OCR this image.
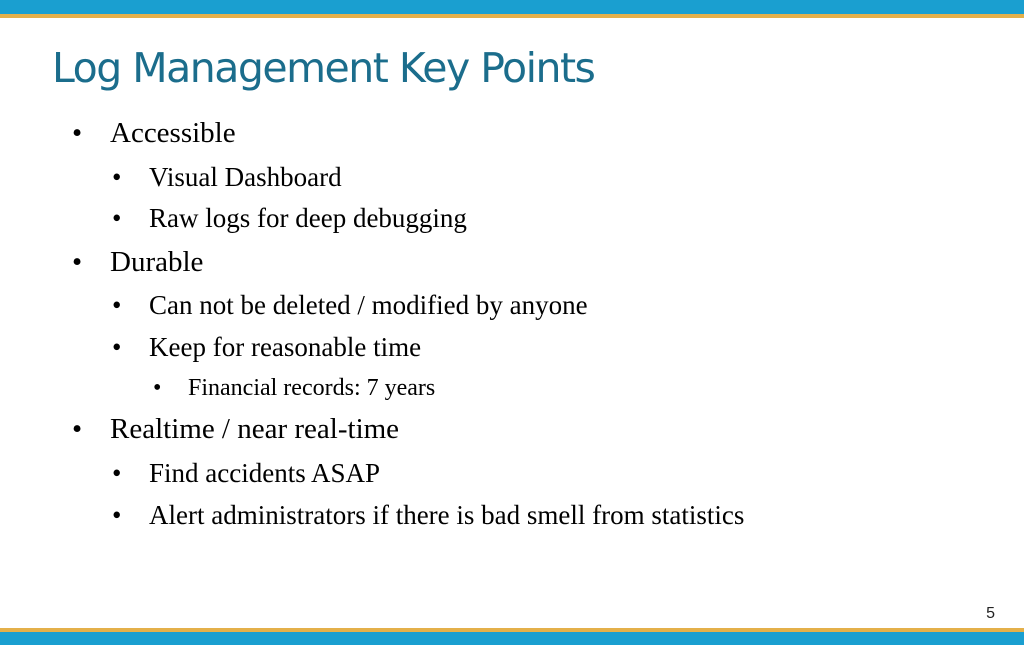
Log Management Key Points
• Accessible
• Visual Dashboard
• Raw logs for deep debugging
• Durable
• Can not be deleted / modified by anyone
• Keep for reasonable time
• Financial records: 7 years
• Realtime / near real-time
• Find accidents ASAP
• Alert administrators if there is bad smell from statistics
5
